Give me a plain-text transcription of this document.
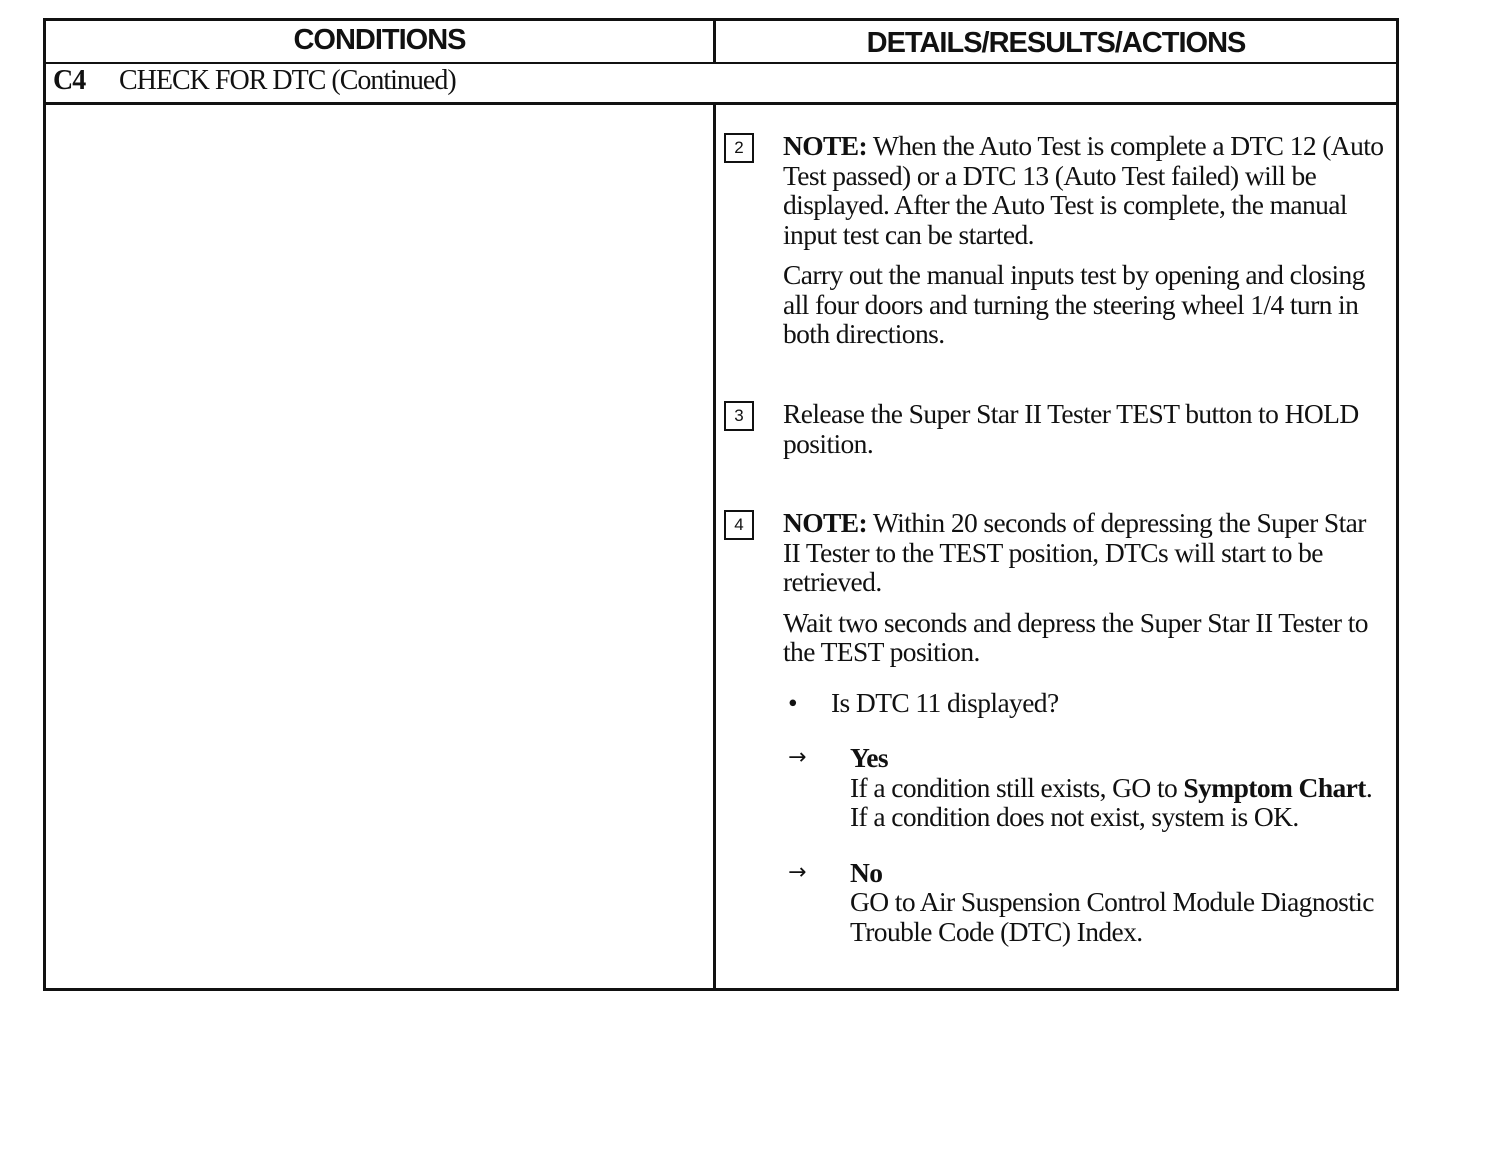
CONDITIONS	DETAILS/RESULTS/ACTIONS
C4 CHECK FOR DTC (Continued)
2	NOTE: When the Auto Test is complete a DTC 12 (Auto Test passed) or a DTC 13 (Auto Test failed) will be displayed. After the Auto Test is complete, the manual input test can be started.

Carry out the manual inputs test by opening and closing all four doors and turning the steering wheel 1/4 turn in both directions.

3	Release the Super Star II Tester TEST button to HOLD position.

4	NOTE: Within 20 seconds of depressing the Super Star II Tester to the TEST position, DTCs will start to be retrieved.

Wait two seconds and depress the Super Star II Tester to the TEST position.

• Is DTC 11 displayed?
→ Yes
If a condition still exists, GO to Symptom Chart. If a condition does not exist, system is OK.
→ No
GO to Air Suspension Control Module Diagnostic Trouble Code (DTC) Index.
